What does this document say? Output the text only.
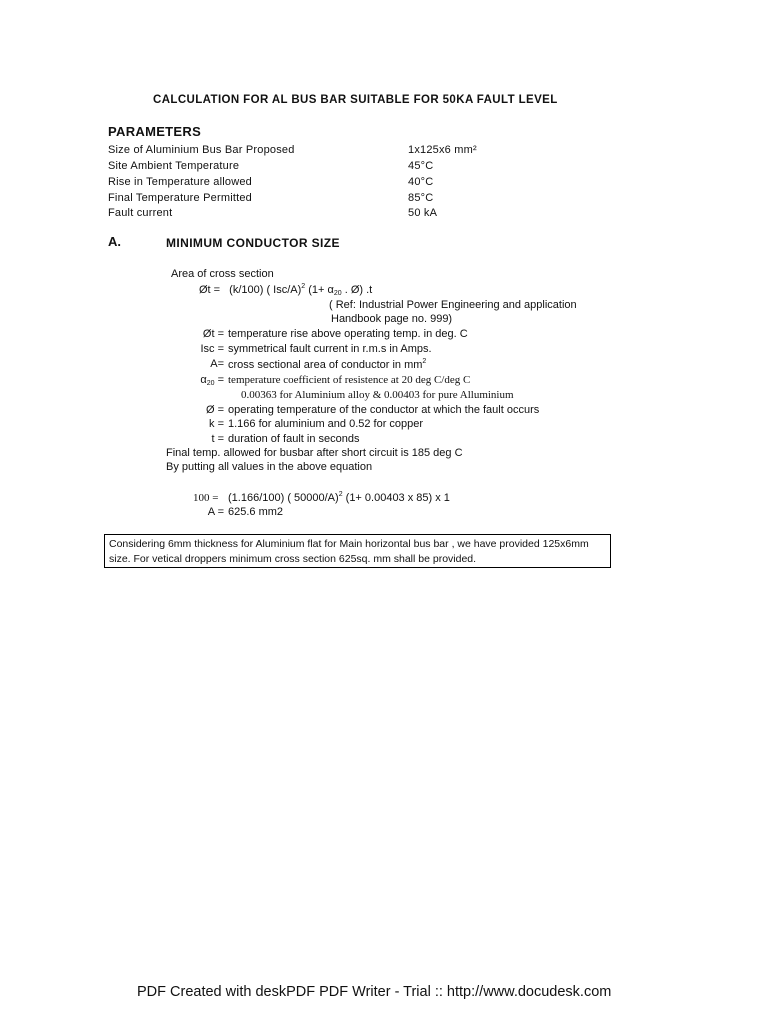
CALCULATION FOR AL BUS BAR SUITABLE FOR 50KA FAULT LEVEL
PARAMETERS
Size of Aluminium Bus Bar Proposed	1x125x6 mm²
Site Ambient Temperature	45°C
Rise in Temperature allowed	40°C
Final Temperature Permitted	85°C
Fault current	50 kA
A.	MINIMUM CONDUCTOR SIZE
Area of cross section
Øt = (k/100) ( Isc/A)$^2$ ($1+ \alpha_{20}$ . Ø) .t
( Ref: Industrial Power Engineering and application
Handbook page no. 999)
Øt = temperature rise above operating temp. in deg. C
Isc = symmetrical fault current in r.m.s in Amps.
A= cross sectional area of conductor in $mm^2$
$\alpha_{20}$ = temperature coefficient of resistence at 20 deg C/deg C
0.00363 for Aluminium alloy & 0.00403 for pure Alluminium
Ø = operating temperature of the conductor at which the fault occurs
k = 1.166 for aluminium and 0.52 for copper
t = duration of fault in seconds
Final temp. allowed for busbar after short circuit is 185 deg C
By putting all values in the above equation
100 = (1.166/100) ( 50000/A)$^2$ (1+ 0.00403 x 85) x 1
A = 625.6 mm2
Considering 6mm thickness for Aluminium flat for Main horizontal bus bar , we have provided 125x6mm size. For vetical droppers minimum cross section 625sq. mm shall be provided.
PDF Created with deskPDF PDF Writer - Trial :: http://www.docudesk.com
